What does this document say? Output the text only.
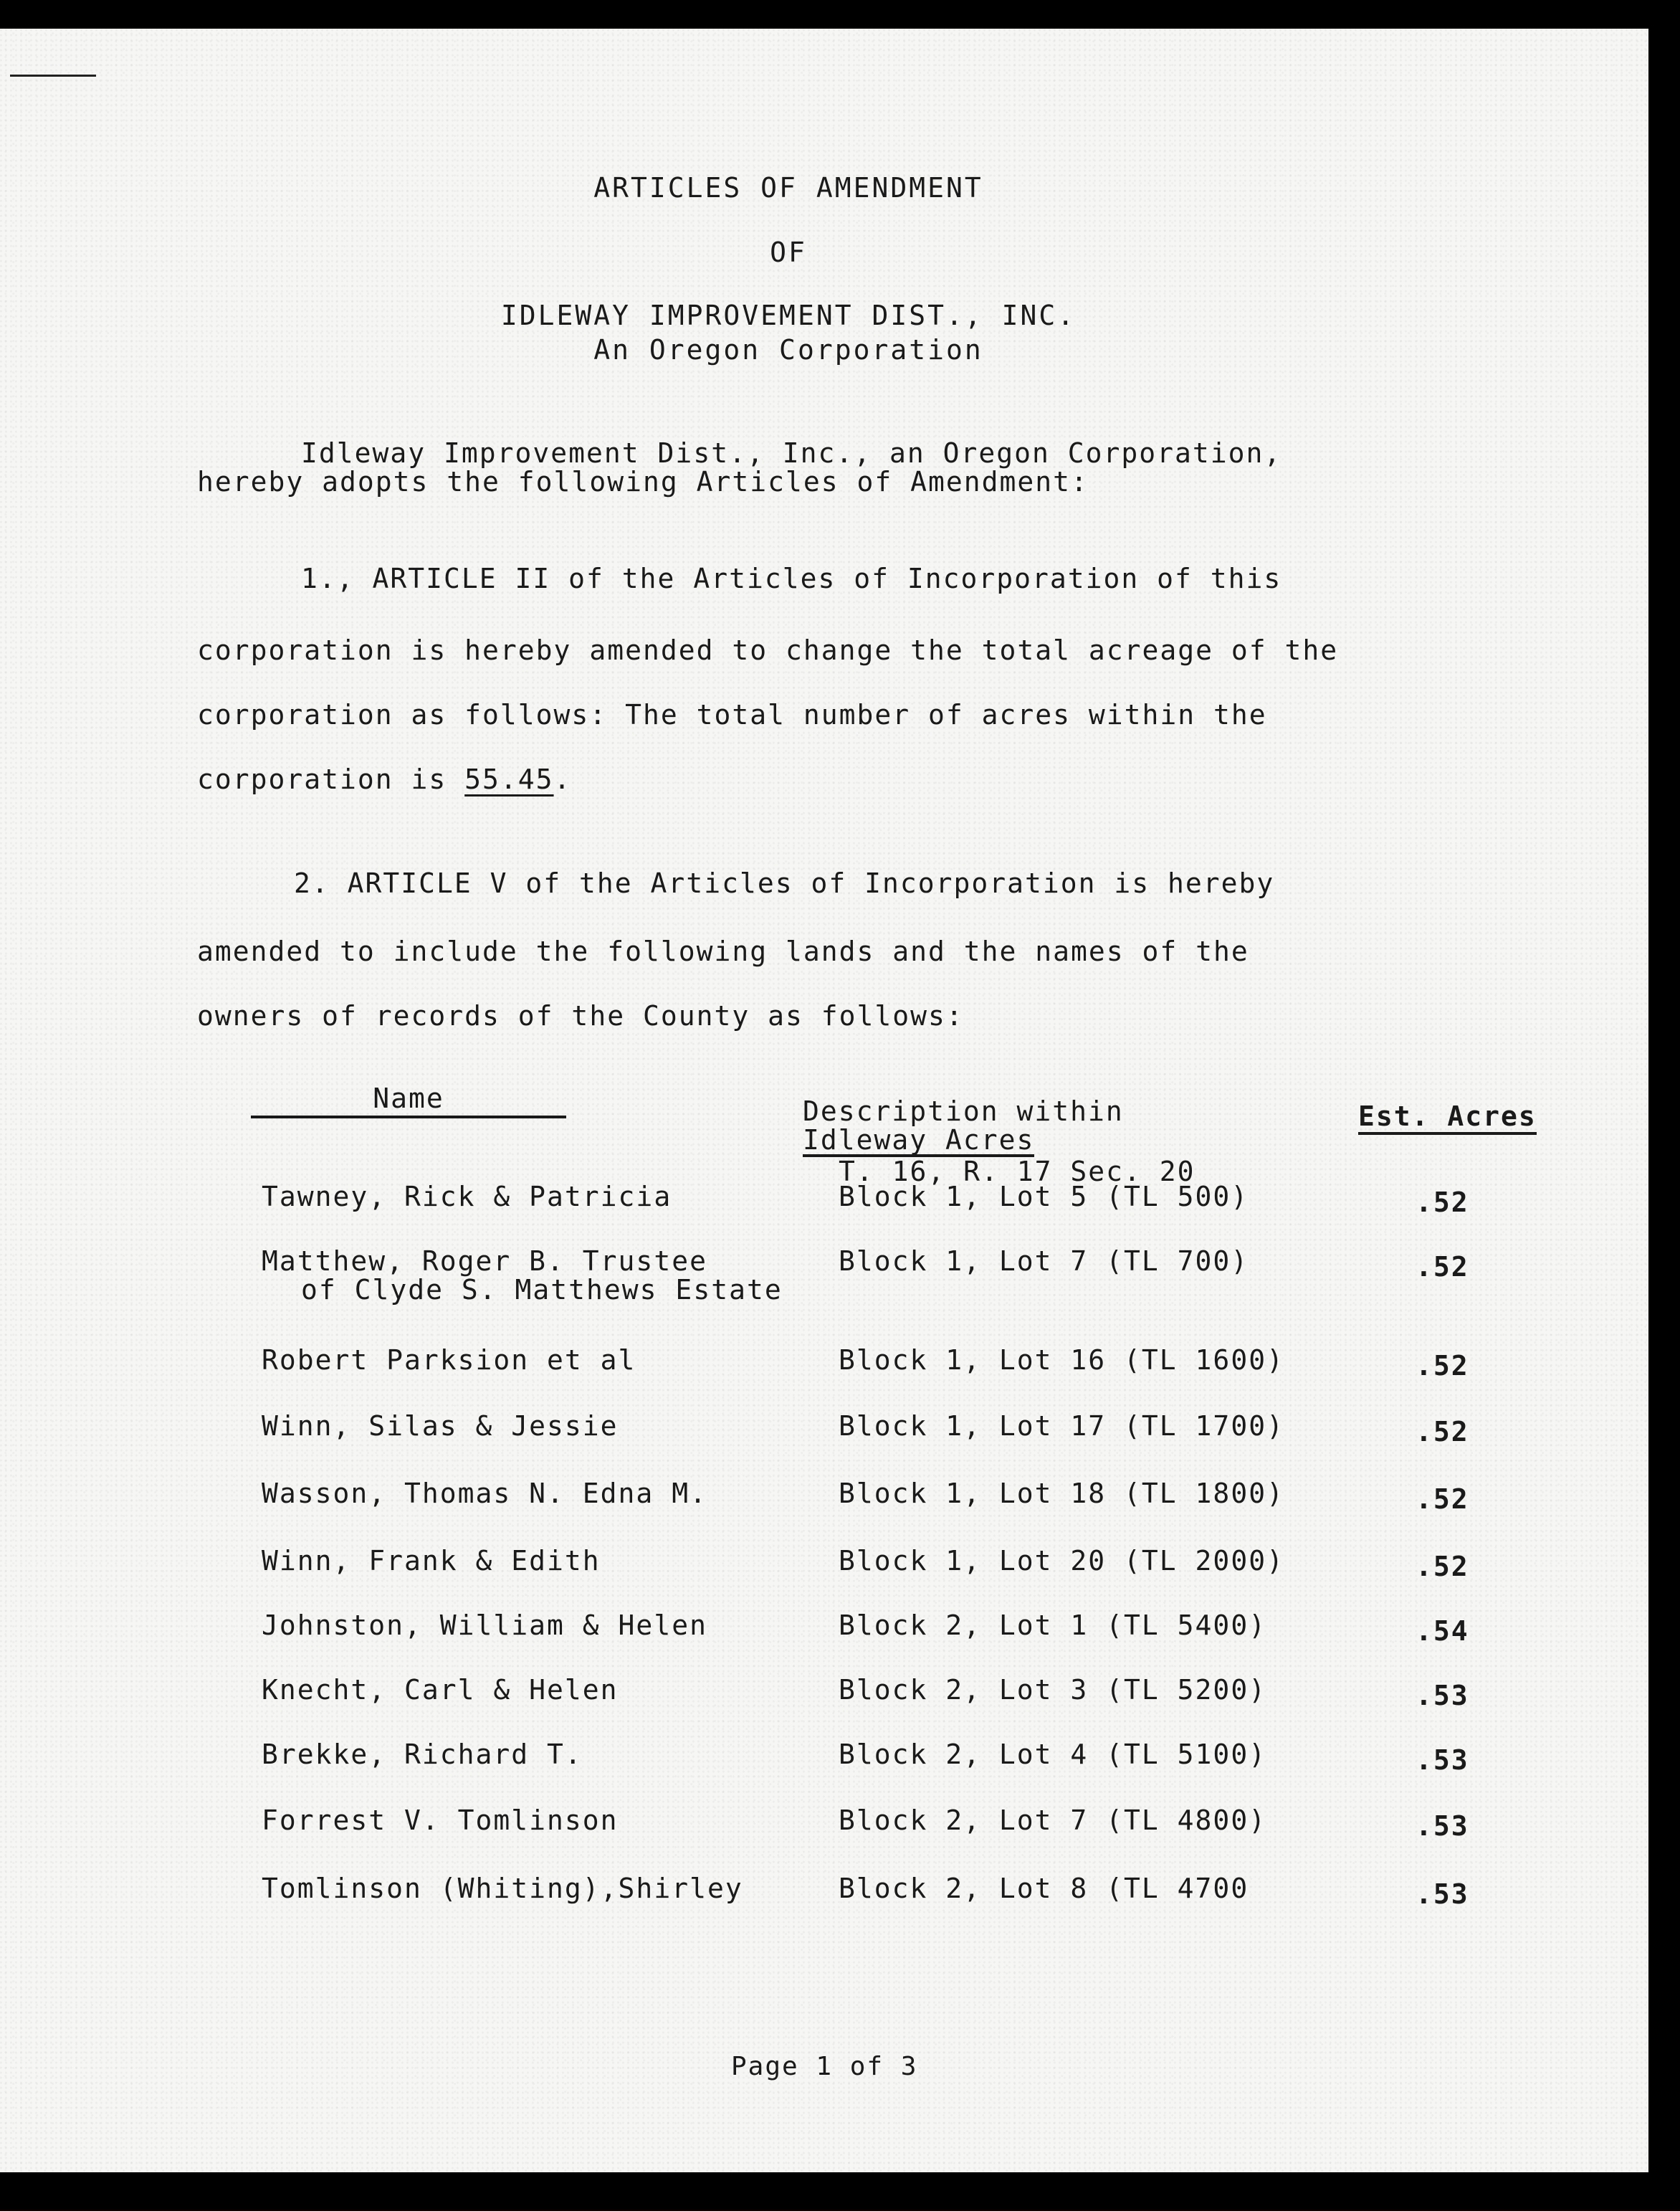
ARTICLES OF AMENDMENT
OF
IDLEWAY IMPROVEMENT DIST., INC.
An Oregon Corporation
Idleway Improvement Dist., Inc., an Oregon Corporation,
hereby adopts the following Articles of Amendment:
1., ARTICLE II of the Articles of Incorporation of this
corporation is hereby amended to change the total acreage of the
corporation as follows: The total number of acres within the
corporation is 55.45.
2. ARTICLE V of the Articles of Incorporation is hereby
amended to include the following lands and the names of the
owners of records of the County as follows:
Name	Description within
Idleway Acres
T. 16, R. 17 Sec. 20
Est. Acres
Tawney, Rick & Patricia	Block 1, Lot 5 (TL 500)	.52
Matthew, Roger B. Trustee
of Clyde S. Matthews Estate
Block 1, Lot 7 (TL 700)	.52
Robert Parksion et al	Block 1, Lot 16 (TL 1600)	.52
Winn, Silas & Jessie	Block 1, Lot 17 (TL 1700)	.52
Wasson, Thomas N. Edna M.	Block 1, Lot 18 (TL 1800)	.52
Winn, Frank & Edith	Block 1, Lot 20 (TL 2000)	.52
Johnston, William & Helen	Block 2, Lot 1 (TL 5400)	.54
Knecht, Carl & Helen	Block 2, Lot 3 (TL 5200)	.53
Brekke, Richard T.	Block 2, Lot 4 (TL 5100)	.53
Forrest V. Tomlinson	Block 2, Lot 7 (TL 4800)	.53
Tomlinson (Whiting),Shirley	Block 2, Lot 8 (TL 4700	.53
Page 1 of 3
